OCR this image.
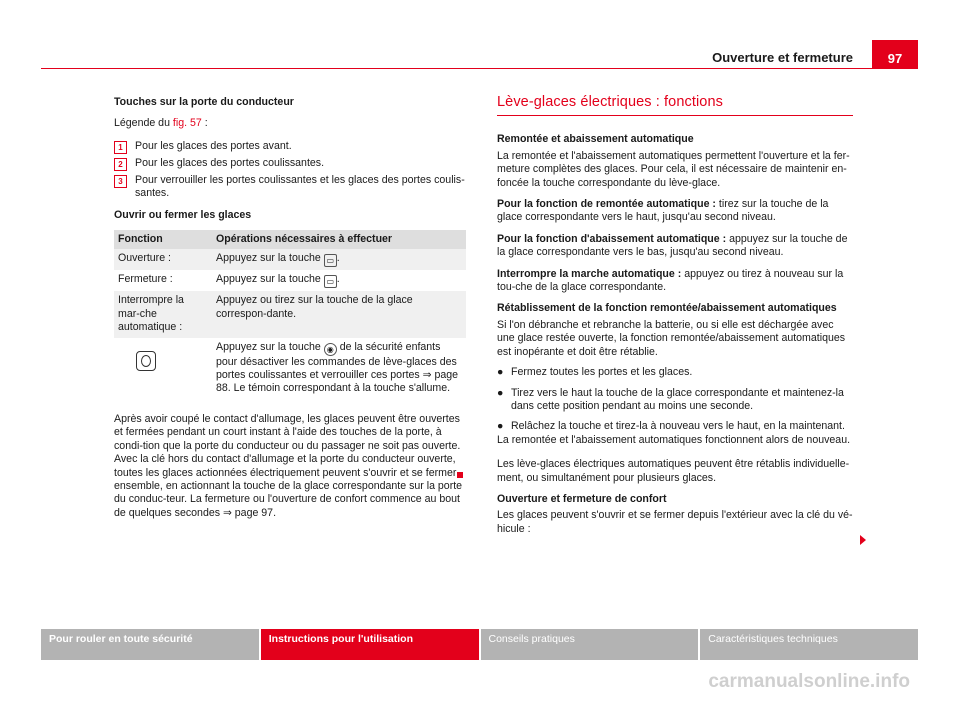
Ouverture et fermeture	97

Touches sur la porte du conducteur

Légende du fig. 57 :

1	Pour les glaces des portes avant.
2	Pour les glaces des portes coulissantes.
3	Pour verrouiller les portes coulissantes et les glaces des portes coulis-santes.

Ouvrir ou fermer les glaces

Fonction	Opérations nécessaires à effectuer
Ouverture :	Appuyez sur la touche ▭ .
Fermeture :	Appuyez sur la touche ▭ .
Interrompre la mar-che automatique :	Appuyez ou tirez sur la touche de la glace correspon-dante.
	Appuyez sur la touche ◉ de la sécurité enfants pour désactiver les commandes de lève-glaces des portes coulissantes et verrouiller ces portes ⇒ page 88. Le témoin correspondant à la touche s'allume.

Après avoir coupé le contact d'allumage, les glaces peuvent être ouvertes et fermées pendant un court instant à l'aide des touches de la porte, à condi-tion que la porte du conducteur ou du passager ne soit pas ouverte. Avec la clé hors du contact d'allumage et la porte du conducteur ouverte, toutes les glaces actionnées électriquement peuvent s'ouvrir et se fermer ensemble, en actionnant la touche de la glace correspondante sur la porte du conduc-teur. La fermeture ou l'ouverture de confort commence au bout de quelques secondes ⇒ page 97.

Lève-glaces électriques : fonctions

Remontée et abaissement automatique

La remontée et l'abaissement automatiques permettent l'ouverture et la fer-meture complètes des glaces. Pour cela, il est nécessaire de maintenir en-foncée la touche correspondante du lève-glace.

Pour la fonction de remontée automatique : tirez sur la touche de la glace correspondante vers le haut, jusqu'au second niveau.

Pour la fonction d'abaissement automatique : appuyez sur la touche de la glace correspondante vers le bas, jusqu'au second niveau.

Interrompre la marche automatique : appuyez ou tirez à nouveau sur la tou-che de la glace correspondante.

Rétablissement de la fonction remontée/abaissement automatiques

Si l'on débranche et rebranche la batterie, ou si elle est déchargée avec une glace restée ouverte, la fonction remontée/abaissement automatiques est inopérante et doit être rétablie.

● Fermez toutes les portes et les glaces.
● Tirez vers le haut la touche de la glace correspondante et maintenez-la dans cette position pendant au moins une seconde.
● Relâchez la touche et tirez-la à nouveau vers le haut, en la maintenant.

La remontée et l'abaissement automatiques fonctionnent alors de nouveau.

Les lève-glaces électriques automatiques peuvent être rétablis individuelle-ment, ou simultanément pour plusieurs glaces.

Ouverture et fermeture de confort

Les glaces peuvent s'ouvrir et se fermer depuis l'extérieur avec la clé du vé-hicule :

Pour rouler en toute sécurité	Instructions pour l'utilisation	Conseils pratiques	Caractéristiques techniques
carmanualsonline.info
